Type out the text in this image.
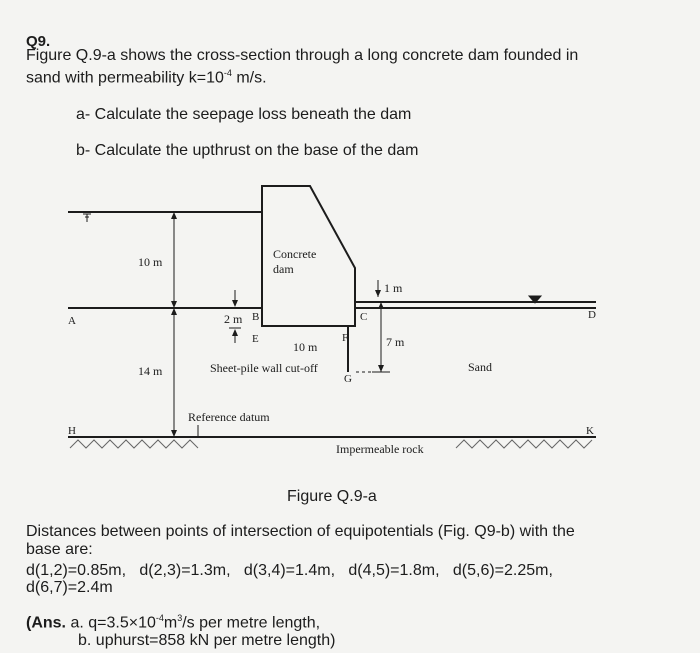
Q9.
Figure Q.9-a shows the cross-section through a long concrete dam founded in
sand with permeability $k=10^{-4}$ m/s.
a- Calculate the seepage loss beneath the dam
b- Calculate the upthrust on the base of the dam
10 m
14 m
Concrete
dam
1 m
2 m
7 m
10 m
Sheet-pile wall cut-off
Reference datum
Sand
Impermeable rock
A	B	C	D
E	F
G
H	K
Figure Q.9-a
Distances between points of intersection of equipotentials (Fig. Q9-b) with the
base are:
d(1,2)=0.85m,   d(2,3)=1.3m,   d(3,4)=1.4m,   d(4,5)=1.8m,   d(5,6)=2.25m,
d(6,7)=2.4m
(Ans. a. $q=3.5\times 10^{-4}m^3/s$ per metre length,
b. uphurst=858 kN per metre length)
